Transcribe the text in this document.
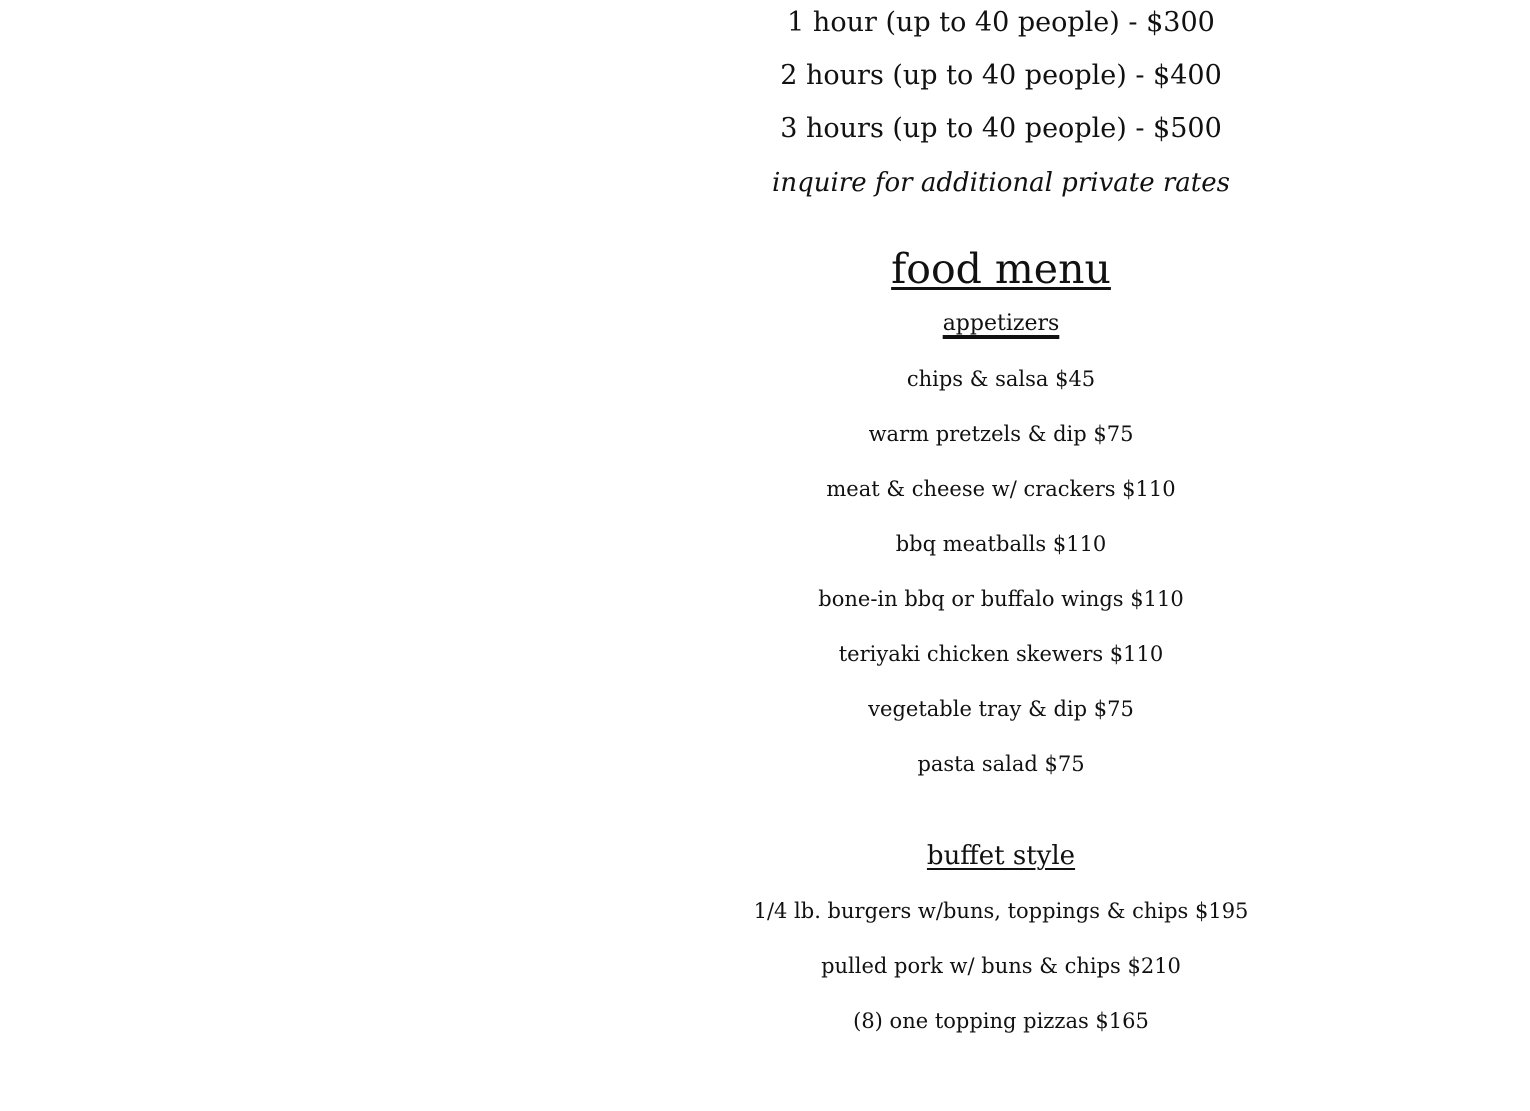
1 hour (up to 40 people) - $300
2 hours (up to 40 people) - $400
3 hours (up to 40 people) - $500
inquire for additional private rates
food menu
appetizers
chips & salsa $45
warm pretzels & dip $75
meat & cheese w/ crackers $110
bbq meatballs $110
bone-in bbq or buffalo wings $110
teriyaki chicken skewers $110
vegetable tray & dip $75
pasta salad $75
buffet style
1/4 lb. burgers w/buns, toppings & chips $195
pulled pork w/ buns & chips $210
(8) one topping pizzas $165
